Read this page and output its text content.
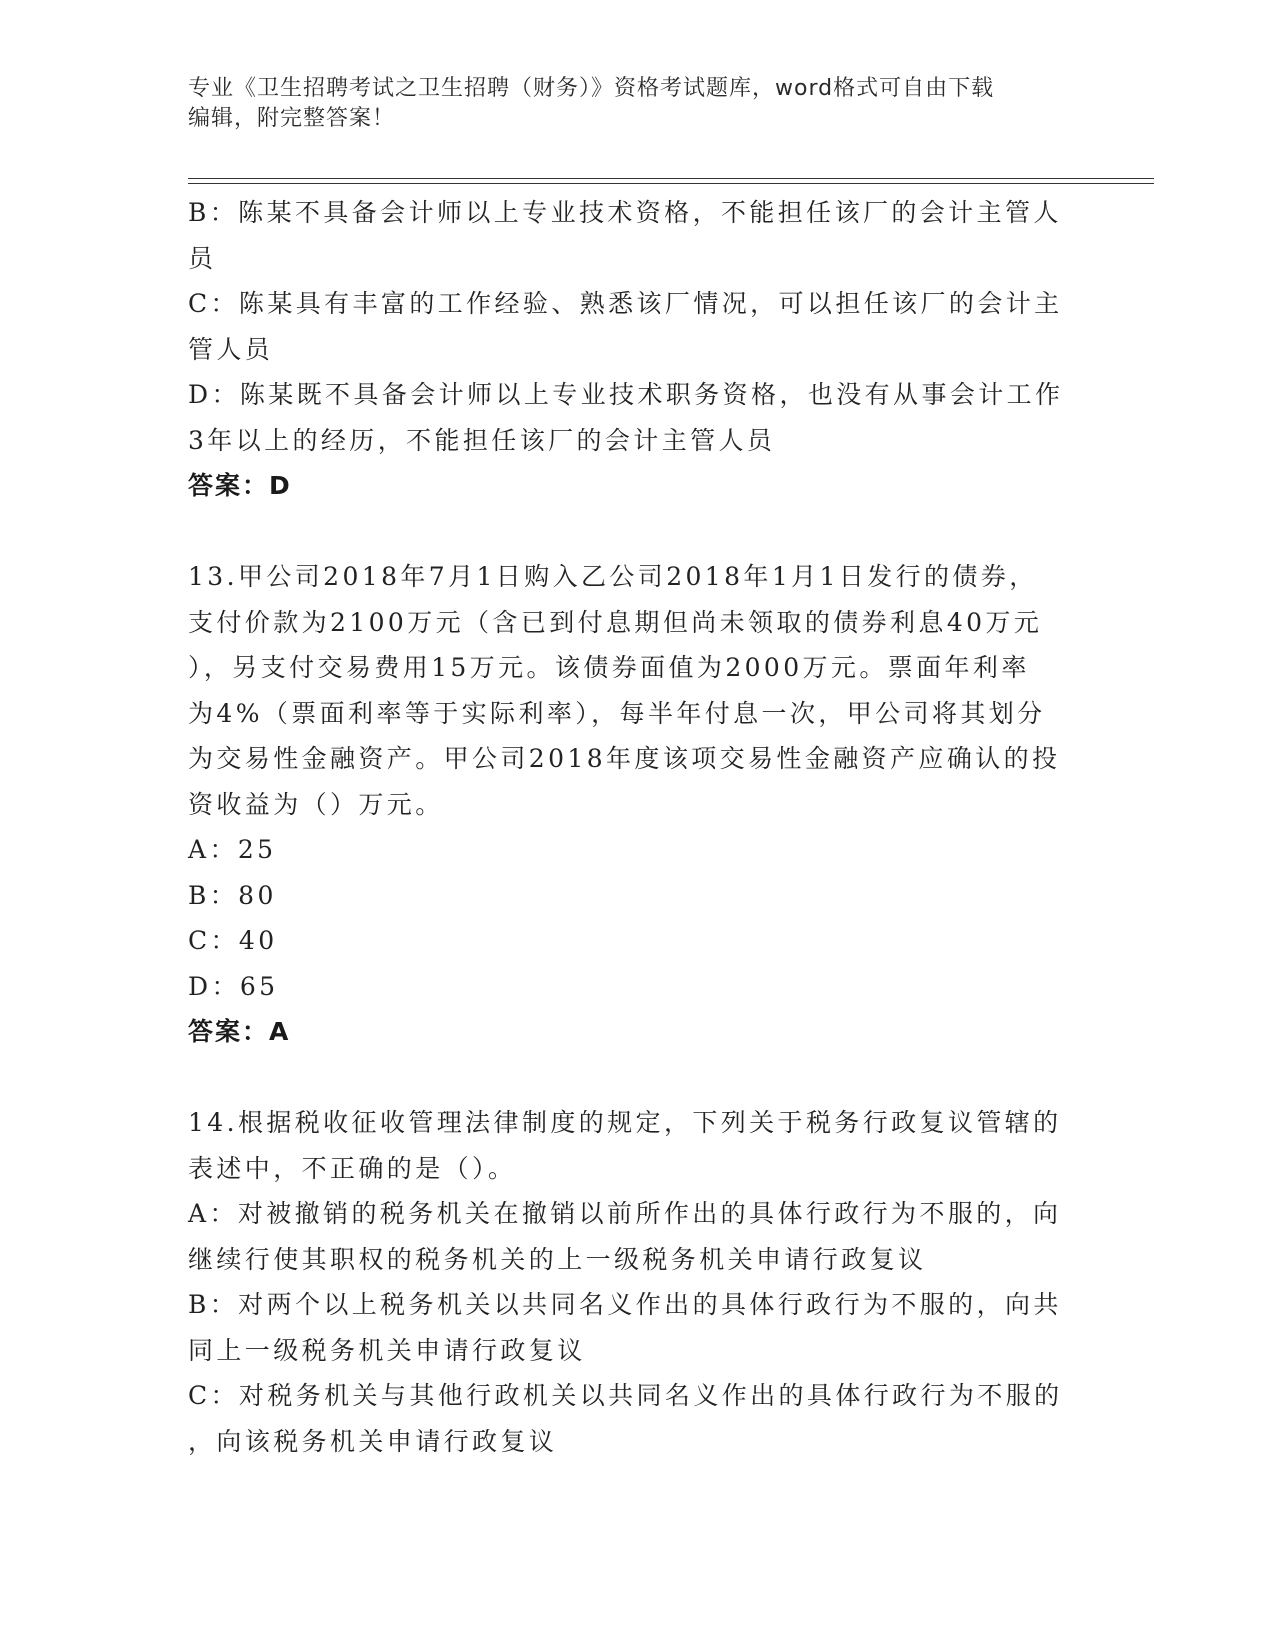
专业《卫生招聘考试之卫生招聘（财务）》资格考试题库，word格式可自由下载
编辑，附完整答案！
B：陈某不具备会计师以上专业技术资格，不能担任该厂的会计主管人
员
C：陈某具有丰富的工作经验、熟悉该厂情况，可以担任该厂的会计主
管人员
D：陈某既不具备会计师以上专业技术职务资格，也没有从事会计工作
3年以上的经历，不能担任该厂的会计主管人员
答案：D
13.甲公司2018年7月1日购入乙公司2018年1月1日发行的债券，
支付价款为2100万元（含已到付息期但尚未领取的债券利息40万元
），另支付交易费用15万元。该债券面值为2000万元。票面年利率
为4%（票面利率等于实际利率），每半年付息一次，甲公司将其划分
为交易性金融资产。甲公司2018年度该项交易性金融资产应确认的投
资收益为（）万元。
A：25
B：80
C：40
D：65
答案：A
14.根据税收征收管理法律制度的规定，下列关于税务行政复议管辖的
表述中，不正确的是（）。
A：对被撤销的税务机关在撤销以前所作出的具体行政行为不服的，向
继续行使其职权的税务机关的上一级税务机关申请行政复议
B：对两个以上税务机关以共同名义作出的具体行政行为不服的，向共
同上一级税务机关申请行政复议
C：对税务机关与其他行政机关以共同名义作出的具体行政行为不服的
，向该税务机关申请行政复议
